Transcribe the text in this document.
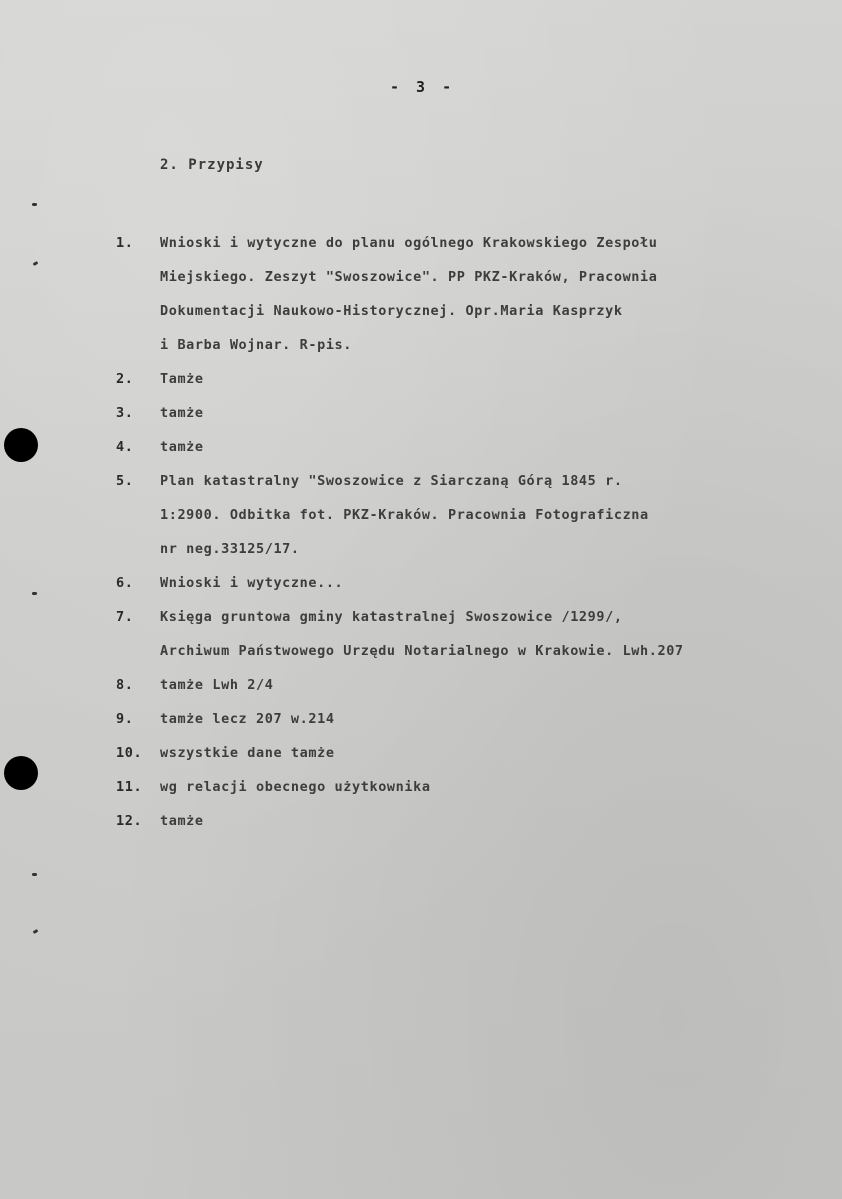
- 3 -
2. Przypisy
1.	Wnioski i wytyczne do planu ogólnego Krakowskiego Zespołu
Miejskiego. Zeszyt "Swoszowice". PP PKZ-Kraków, Pracownia
Dokumentacji Naukowo-Historycznej. Opr.Maria Kasprzyk
i Barba Wojnar. R-pis.
2.	Tamże
3.	tamże
4.	tamże
5.	Plan katastralny "Swoszowice z Siarczaną Górą 1845 r.
1:2900. Odbitka fot. PKZ-Kraków. Pracownia Fotograficzna
nr neg.33125/17.
6.	Wnioski i wytyczne...
7.	Księga gruntowa gminy katastralnej Swoszowice /1299/,
Archiwum Państwowego Urzędu Notarialnego w Krakowie. Lwh.207
8.	tamże Lwh 2/4
9.	tamże lecz 207 w.214
10.	wszystkie dane tamże
11.	wg relacji obecnego użytkownika
12.	tamże
